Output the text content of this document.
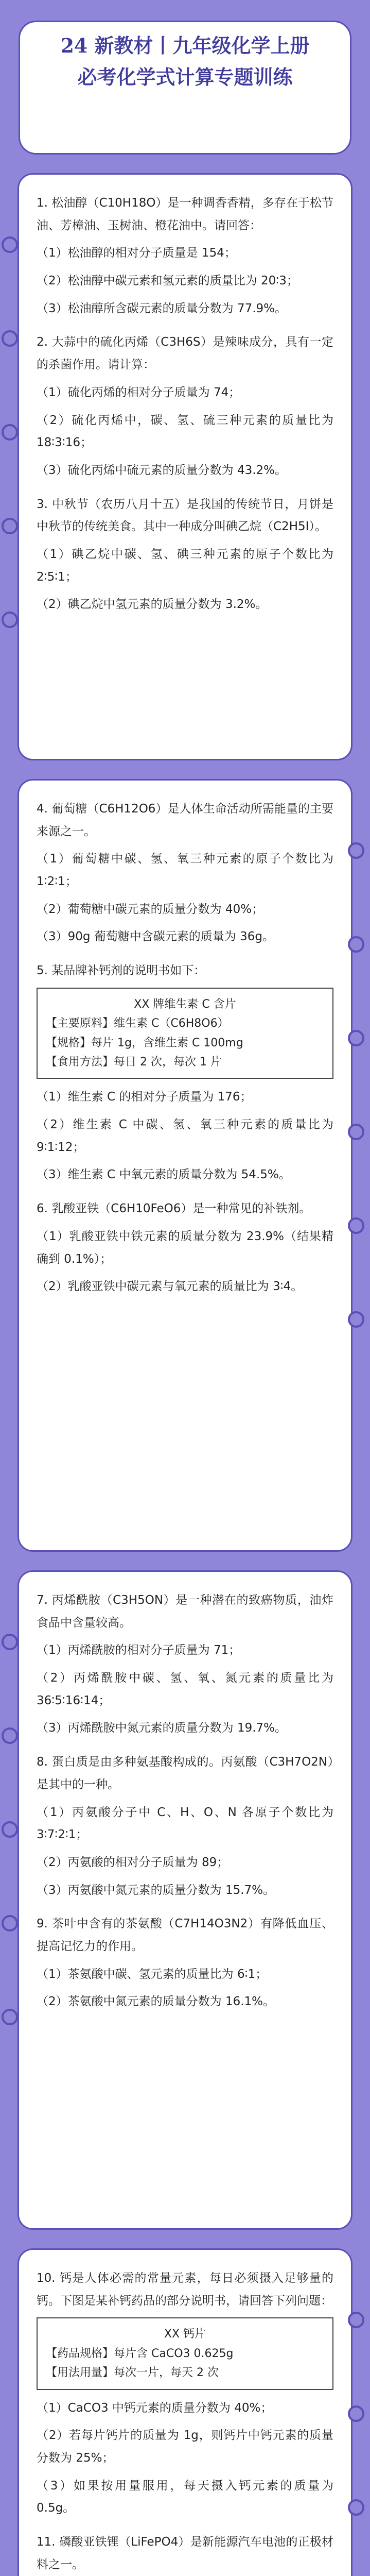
24 新教材丨九年级化学上册
必考化学式计算专题训练

1. 松油醇（C10H18O）是一种调香香精，多存在于松节油、芳樟油、玉树油、橙花油中。请回答：

（1）松油醇的相对分子质量是 154；

（2）松油醇中碳元素和氢元素的质量比为 20∶3；

（3）松油醇所含碳元素的质量分数为 77.9%。

2. 大蒜中的硫化丙烯（C3H6S）是辣味成分，具有一定的杀菌作用。请计算：

（1）硫化丙烯的相对分子质量为 74；

（2）硫化丙烯中，碳、氢、硫三种元素的质量比为 18∶3∶16；

（3）硫化丙烯中硫元素的质量分数为 43.2%。

3. 中秋节（农历八月十五）是我国的传统节日，月饼是中秋节的传统美食。其中一种成分叫碘乙烷（C2H5I）。

（1）碘乙烷中碳、氢、碘三种元素的原子个数比为 2∶5∶1；

（2）碘乙烷中氢元素的质量分数为 3.2%。

4. 葡萄糖（C6H12O6）是人体生命活动所需能量的主要来源之一。

（1）葡萄糖中碳、氢、氧三种元素的原子个数比为 1∶2∶1；

（2）葡萄糖中碳元素的质量分数为 40%；

（3）90g 葡萄糖中含碳元素的质量为 36g。

5. 某品牌补钙剂的说明书如下：

XX 牌维生素 C 含片
【主要原料】维生素 C（C6H8O6）
【规格】每片 1g，含维生素 C 100mg
【食用方法】每日 2 次，每次 1 片

（1）维生素 C 的相对分子质量为 176；

（2）维生素 C 中碳、氢、氧三种元素的质量比为 9∶1∶12；

（3）维生素 C 中氧元素的质量分数为 54.5%。

6. 乳酸亚铁（C6H10FeO6）是一种常见的补铁剂。

（1）乳酸亚铁中铁元素的质量分数为 23.9%（结果精确到 0.1%）；

（2）乳酸亚铁中碳元素与氧元素的质量比为 3∶4。

7. 丙烯酰胺（C3H5ON）是一种潜在的致癌物质，油炸食品中含量较高。

（1）丙烯酰胺的相对分子质量为 71；

（2）丙烯酰胺中碳、氢、氧、氮元素的质量比为 36∶5∶16∶14；

（3）丙烯酰胺中氮元素的质量分数为 19.7%。

8. 蛋白质是由多种氨基酸构成的。丙氨酸（C3H7O2N）是其中的一种。

（1）丙氨酸分子中 C、H、O、N 各原子个数比为 3∶7∶2∶1；

（2）丙氨酸的相对分子质量为 89；

（3）丙氨酸中氮元素的质量分数为 15.7%。

9. 茶叶中含有的茶氨酸（C7H14O3N2）有降低血压、提高记忆力的作用。

（1）茶氨酸中碳、氢元素的质量比为 6∶1；

（2）茶氨酸中氮元素的质量分数为 16.1%。

10. 钙是人体必需的常量元素，每日必须摄入足够量的钙。下图是某补钙药品的部分说明书，请回答下列问题：

XX 钙片
【药品规格】每片含 CaCO3 0.625g
【用法用量】每次一片，每天 2 次

（1）CaCO3 中钙元素的质量分数为 40%；

（2）若每片钙片的质量为 1g，则钙片中钙元素的质量分数为 25%；

（3）如果按用量服用，每天摄入钙元素的质量为 0.5g。

11. 磷酸亚铁锂（LiFePO4）是新能源汽车电池的正极材料之一。
